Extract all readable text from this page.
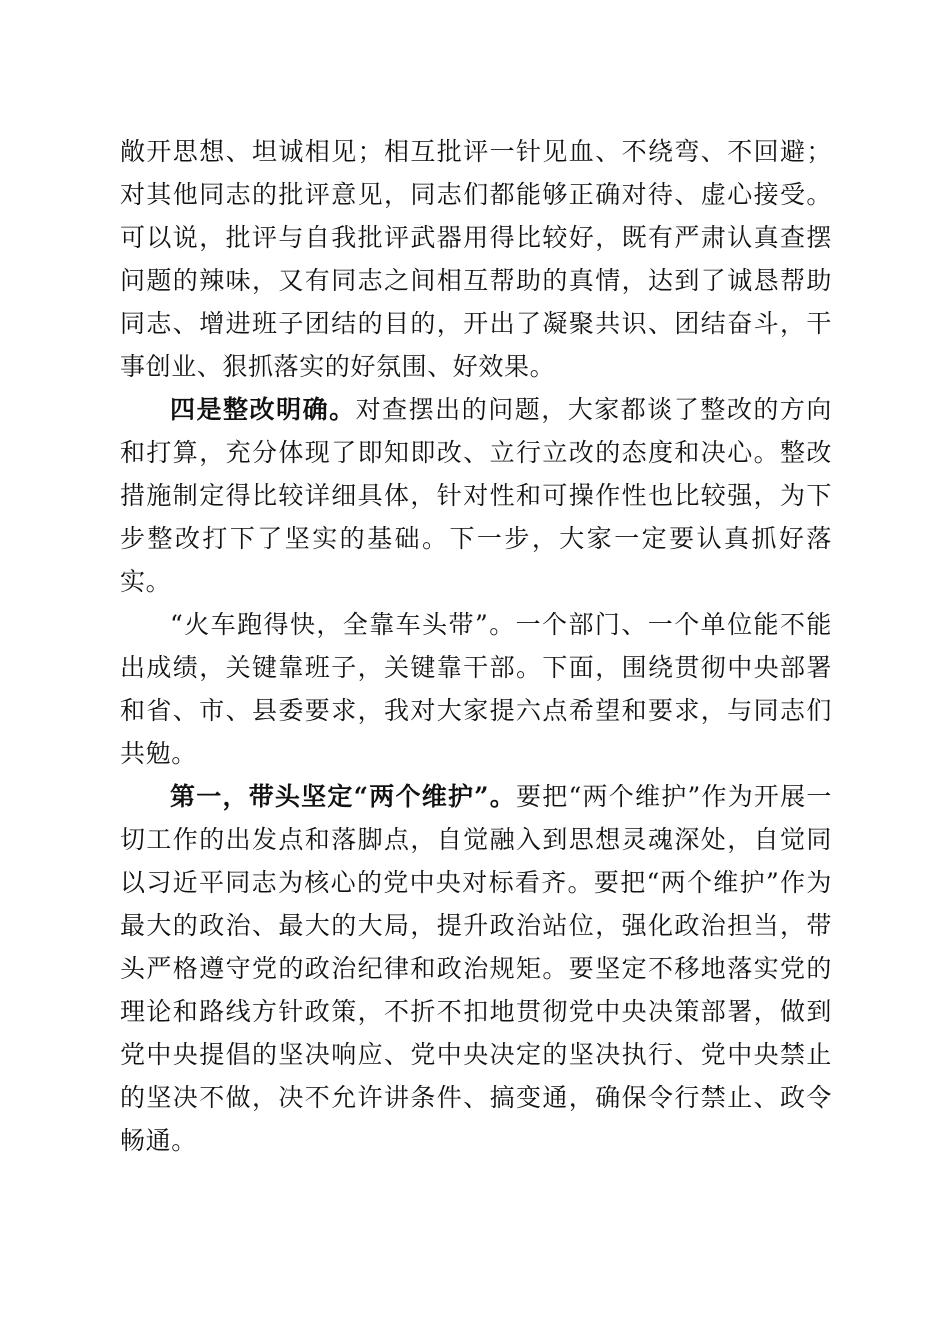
敞开思想、坦诚相见；相互批评一针见血、不绕弯、不回避；对其他同志的批评意见，同志们都能够正确对待、虚心接受。可以说，批评与自我批评武器用得比较好，既有严肃认真查摆问题的辣味，又有同志之间相互帮助的真情，达到了诚恳帮助同志、增进班子团结的目的，开出了凝聚共识、团结奋斗，干事创业、狠抓落实的好氛围、好效果。

四是整改明确。对查摆出的问题，大家都谈了整改的方向和打算，充分体现了即知即改、立行立改的态度和决心。整改措施制定得比较详细具体，针对性和可操作性也比较强，为下步整改打下了坚实的基础。下一步，大家一定要认真抓好落实。

“火车跑得快，全靠车头带”。一个部门、一个单位能不能出成绩，关键靠班子，关键靠干部。下面，围绕贯彻中央部署和省、市、县委要求，我对大家提六点希望和要求，与同志们共勉。

第一，带头坚定“两个维护”。要把“两个维护”作为开展一切工作的出发点和落脚点，自觉融入到思想灵魂深处，自觉同以习近平同志为核心的党中央对标看齐。要把“两个维护”作为最大的政治、最大的大局，提升政治站位，强化政治担当，带头严格遵守党的政治纪律和政治规矩。要坚定不移地落实党的理论和路线方针政策，不折不扣地贯彻党中央决策部署，做到党中央提倡的坚决响应、党中央决定的坚决执行、党中央禁止的坚决不做，决不允许讲条件、搞变通，确保令行禁止、政令畅通。
